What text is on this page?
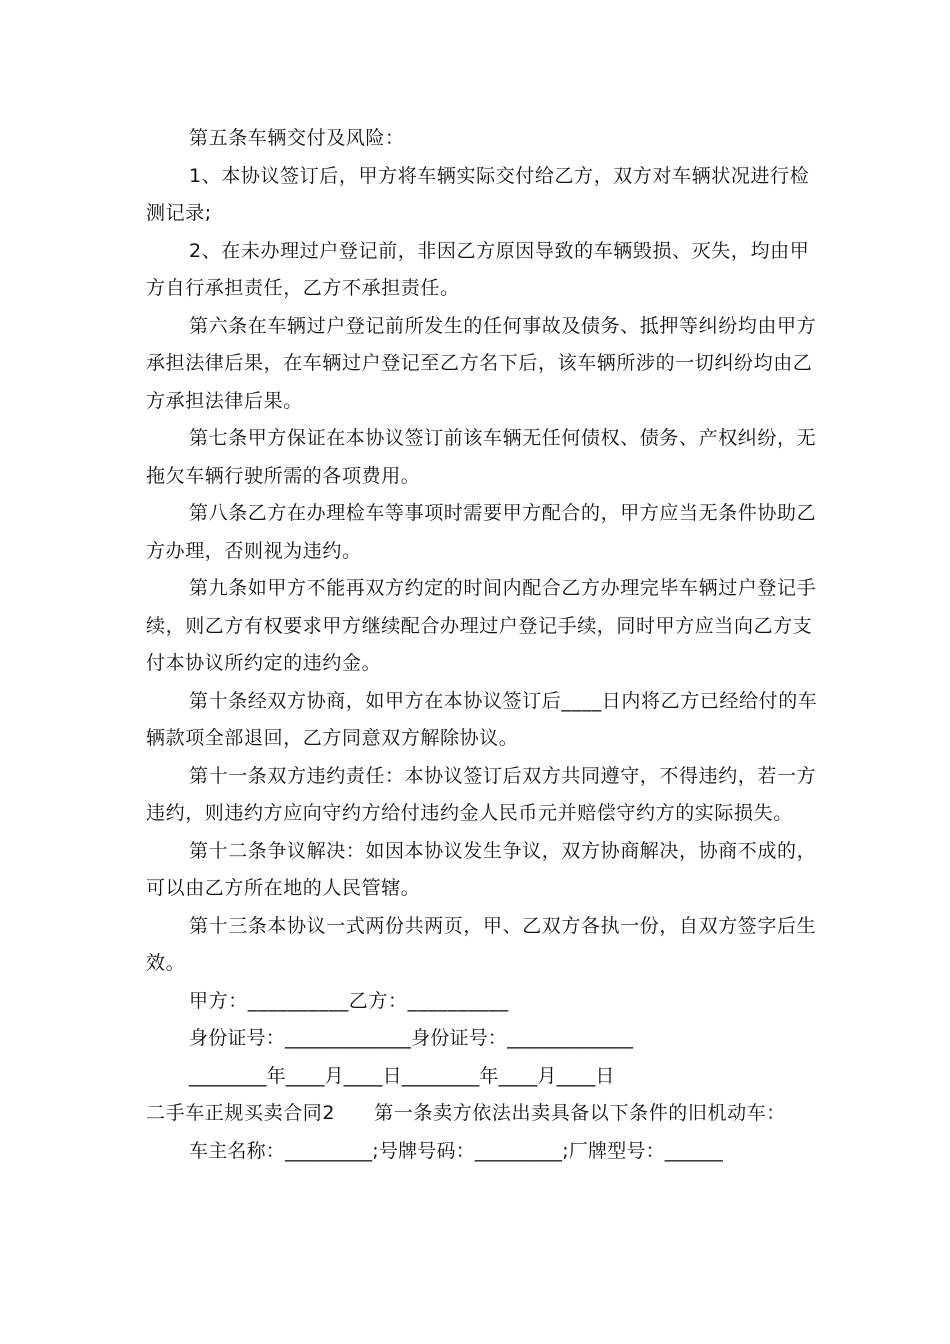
第五条车辆交付及风险：

1、本协议签订后，甲方将车辆实际交付给乙方，双方对车辆状况进行检测记录;

2、在未办理过户登记前，非因乙方原因导致的车辆毁损、灭失，均由甲方自行承担责任，乙方不承担责任。

第六条在车辆过户登记前所发生的任何事故及债务、抵押等纠纷均由甲方承担法律后果，在车辆过户登记至乙方名下后，该车辆所涉的一切纠纷均由乙方承担法律后果。

第七条甲方保证在本协议签订前该车辆无任何债权、债务、产权纠纷，无拖欠车辆行驶所需的各项费用。

第八条乙方在办理检车等事项时需要甲方配合的，甲方应当无条件协助乙方办理，否则视为违约。

第九条如甲方不能再双方约定的时间内配合乙方办理完毕车辆过户登记手续，则乙方有权要求甲方继续配合办理过户登记手续，同时甲方应当向乙方支付本协议所约定的违约金。

第十条经双方协商，如甲方在本协议签订后____日内将乙方已经给付的车辆款项全部退回，乙方同意双方解除协议。

第十一条双方违约责任：本协议签订后双方共同遵守，不得违约，若一方违约，则违约方应向守约方给付违约金人民币元并赔偿守约方的实际损失。

第十二条争议解决：如因本协议发生争议，双方协商解决，协商不成的，可以由乙方所在地的人民管辖。

第十三条本协议一式两份共两页，甲、乙双方各执一份，自双方签字后生效。

甲方：__________乙方：__________

身份证号：_____________身份证号：_____________

________年____月____日________年____月____日

二手车正规买卖合同2　　第一条卖方依法出卖具备以下条件的旧机动车：

车主名称：_________;号牌号码：_________;厂牌型号：______
